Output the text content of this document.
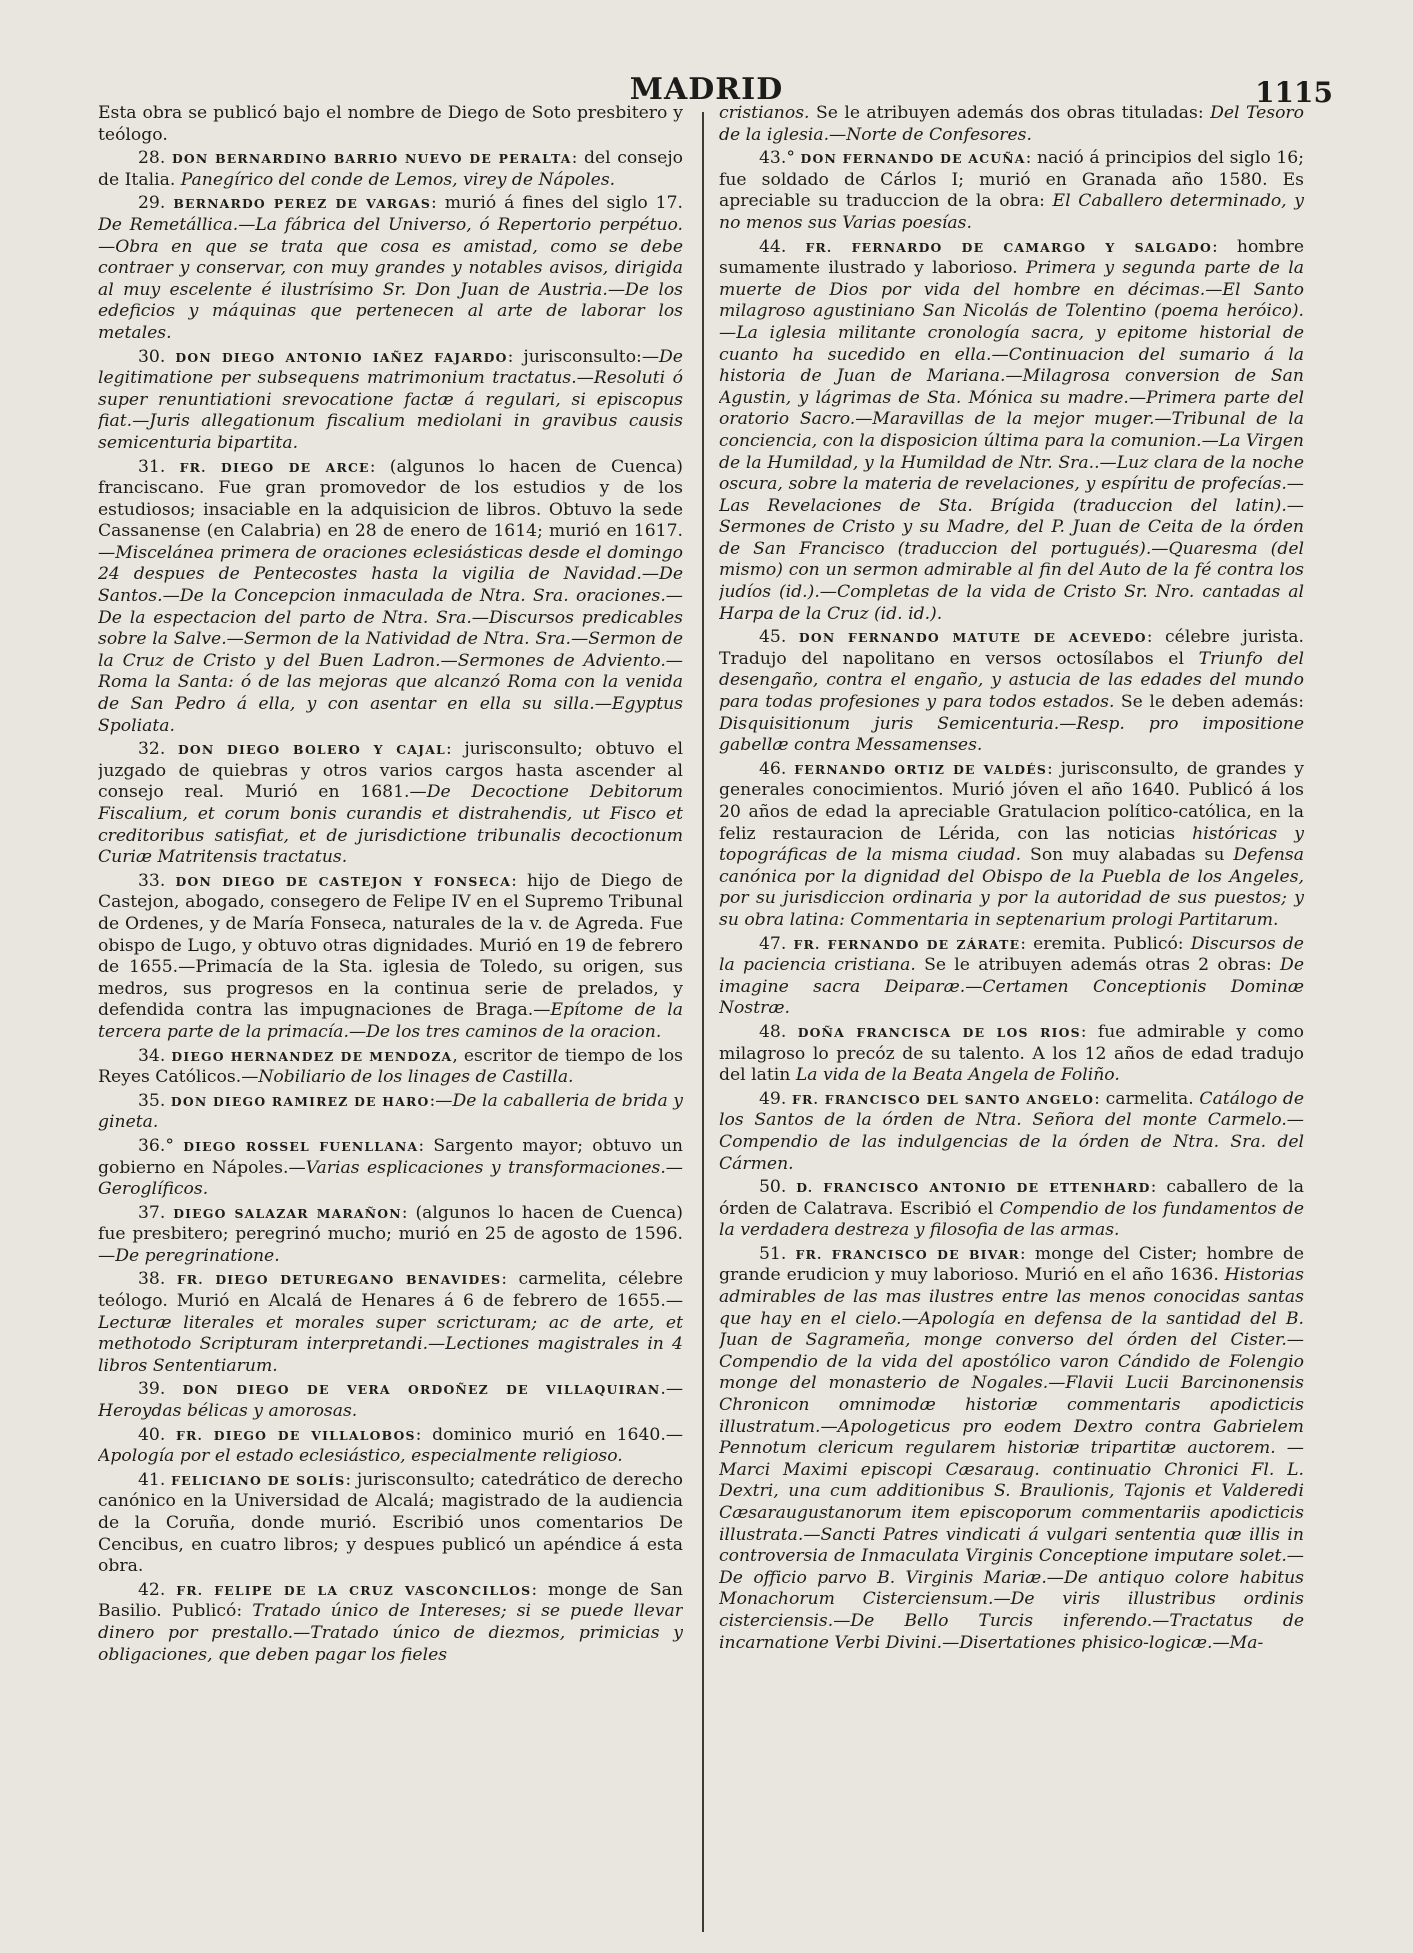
MADRID	1115

Esta obra se publicó bajo el nombre de Diego de Soto presbitero y teólogo.

28. DON BERNARDINO BARRIO NUEVO DE PERALTA: del consejo de Italia. Panegírico del conde de Lemos, virey de Nápoles.

29. BERNARDO PEREZ DE VARGAS: murió á fines del siglo 17. De Remetállica.—La fábrica del Universo, ó Repertorio perpétuo. —Obra en que se trata que cosa es amistad, como se debe contraer y conservar, con muy grandes y notables avisos, dirigida al muy escelente é ilustrísimo Sr. Don Juan de Austria.—De los edeficios y máquinas que pertenecen al arte de laborar los metales.

30. DON DIEGO ANTONIO IAÑEZ FAJARDO: jurisconsulto:—De legitimatione per subsequens matrimonium tractatus.—Resoluti ó super renuntiationi srevocatione factæ á regulari, si episcopus fiat.—Juris allegationum fiscalium mediolani in gravibus causis semicenturia bipartita.

31. FR. DIEGO DE ARCE: (algunos lo hacen de Cuenca) franciscano. Fue gran promovedor de los estudios y de los estudiosos; insaciable en la adquisicion de libros. Obtuvo la sede Cassanense (en Calabria) en 28 de enero de 1614; murió en 1617.—Miscelánea primera de oraciones eclesiásticas desde el domingo 24 despues de Pentecostes hasta la vigilia de Navidad.—De Santos.—De la Concepcion inmaculada de Ntra. Sra. oraciones.—De la espectacion del parto de Ntra. Sra.—Discursos predicables sobre la Salve.—Sermon de la Natividad de Ntra. Sra.—Sermon de la Cruz de Cristo y del Buen Ladron.—Sermones de Adviento.—Roma la Santa: ó de las mejoras que alcanzó Roma con la venida de San Pedro á ella, y con asentar en ella su silla.—Egyptus Spoliata.

32. DON DIEGO BOLERO Y CAJAL: jurisconsulto; obtuvo el juzgado de quiebras y otros varios cargos hasta ascender al consejo real. Murió en 1681.—De Decoctione Debitorum Fiscalium, et corum bonis curandis et distrahendis, ut Fisco et creditoribus satisfiat, et de jurisdictione tribunalis decoctionum Curiæ Matritensis tractatus.

33. DON DIEGO DE CASTEJON Y FONSECA: hijo de Diego de Castejon, abogado, consegero de Felipe IV en el Supremo Tribunal de Ordenes, y de María Fonseca, naturales de la v. de Agreda. Fue obispo de Lugo, y obtuvo otras dignidades. Murió en 19 de febrero de 1655.—Primacía de la Sta. iglesia de Toledo, su origen, sus medros, sus progresos en la continua serie de prelados, y defendida contra las impugnaciones de Braga.—Epítome de la tercera parte de la primacía.—De los tres caminos de la oracion.

34. DIEGO HERNANDEZ DE MENDOZA, escritor de tiempo de los Reyes Católicos.—Nobiliario de los linages de Castilla.

35. DON DIEGO RAMIREZ DE HARO:—De la caballeria de brida y gineta.

36.° DIEGO ROSSEL FUENLLANA: Sargento mayor; obtuvo un gobierno en Nápoles.—Varias esplicaciones y transformaciones.—Geroglíficos.

37. DIEGO SALAZAR MARAÑON: (algunos lo hacen de Cuenca) fue presbitero; peregrinó mucho; murió en 25 de agosto de 1596.—De peregrinatione.

38. FR. DIEGO DETUREGANO BENAVIDES: carmelita, célebre teólogo. Murió en Alcalá de Henares á 6 de febrero de 1655.—Lecturæ literales et morales super scricturam; ac de arte, et methotodo Scripturam interpretandi.—Lectiones magistrales in 4 libros Sententiarum.

39. DON DIEGO DE VERA ORDOÑEZ DE VILLAQUIRAN.—Heroydas bélicas y amorosas.

40. FR. DIEGO DE VILLALOBOS: dominico murió en 1640.—Apología por el estado eclesiástico, especialmente religioso.

41. FELICIANO DE SOLÍS: jurisconsulto; catedrático de derecho canónico en la Universidad de Alcalá; magistrado de la audiencia de la Coruña, donde murió. Escribió unos comentarios De Cencibus, en cuatro libros; y despues publicó un apéndice á esta obra.

42. FR. FELIPE DE LA CRUZ VASCONCILLOS: monge de San Basilio. Publicó: Tratado único de Intereses; si se puede llevar dinero por prestallo.—Tratado único de diezmos, primicias y obligaciones, que deben pagar los fieles

cristianos. Se le atribuyen además dos obras tituladas: Del Tesoro de la iglesia.—Norte de Confesores.

43.° DON FERNANDO DE ACUÑA: nació á principios del siglo 16; fue soldado de Cárlos I; murió en Granada año 1580. Es apreciable su traduccion de la obra: El Caballero determinado, y no menos sus Varias poesías.

44. FR. FERNARDO DE CAMARGO Y SALGADO: hombre sumamente ilustrado y laborioso. Primera y segunda parte de la muerte de Dios por vida del hombre en décimas.—El Santo milagroso agustiniano San Nicolás de Tolentino (poema heróico).—La iglesia militante cronología sacra, y epitome historial de cuanto ha sucedido en ella.—Continuacion del sumario á la historia de Juan de Mariana.—Milagrosa conversion de San Agustin, y lágrimas de Sta. Mónica su madre.—Primera parte del oratorio Sacro.—Maravillas de la mejor muger.—Tribunal de la conciencia, con la disposicion última para la comunion.—La Virgen de la Humildad, y la Humildad de Ntr. Sra..—Luz clara de la noche oscura, sobre la materia de revelaciones, y espíritu de profecías.—Las Revelaciones de Sta. Brígida (traduccion del latin).—Sermones de Cristo y su Madre, del P. Juan de Ceita de la órden de San Francisco (traduccion del portugués).—Quaresma (del mismo) con un sermon admirable al fin del Auto de la fé contra los judíos (id.).—Completas de la vida de Cristo Sr. Nro. cantadas al Harpa de la Cruz (id. id.).

45. DON FERNANDO MATUTE DE ACEVEDO: célebre jurista. Tradujo del napolitano en versos octosílabos el Triunfo del desengaño, contra el engaño, y astucia de las edades del mundo para todas profesiones y para todos estados. Se le deben además: Disquisitionum juris Semicenturia.—Resp. pro impositione gabellæ contra Messamenses.

46. FERNANDO ORTIZ DE VALDÉS: jurisconsulto, de grandes y generales conocimientos. Murió jóven el año 1640. Publicó á los 20 años de edad la apreciable Gratulacion político-católica, en la feliz restauracion de Lérida, con las noticias históricas y topográficas de la misma ciudad. Son muy alabadas su Defensa canónica por la dignidad del Obispo de la Puebla de los Angeles, por su jurisdiccion ordinaria y por la autoridad de sus puestos; y su obra latina: Commentaria in septenarium prologi Partitarum.

47. FR. FERNANDO DE ZÁRATE: eremita. Publicó: Discursos de la paciencia cristiana. Se le atribuyen además otras 2 obras: De imagine sacra Deiparæ.—Certamen Conceptionis Dominæ Nostræ.

48. DOÑA FRANCISCA DE LOS RIOS: fue admirable y como milagroso lo precóz de su talento. A los 12 años de edad tradujo del latin La vida de la Beata Angela de Foliño.

49. FR. FRANCISCO DEL SANTO ANGELO: carmelita. Catálogo de los Santos de la órden de Ntra. Señora del monte Carmelo.—Compendio de las indulgencias de la órden de Ntra. Sra. del Cármen.

50. D. FRANCISCO ANTONIO DE ETTENHARD: caballero de la órden de Calatrava. Escribió el Compendio de los fundamentos de la verdadera destreza y filosofia de las armas.

51. FR. FRANCISCO DE BIVAR: monge del Cister; hombre de grande erudicion y muy laborioso. Murió en el año 1636. Historias admirables de las mas ilustres entre las menos conocidas santas que hay en el cielo.—Apología en defensa de la santidad del B. Juan de Sagrameña, monge converso del órden del Cister.—Compendio de la vida del apostólico varon Cándido de Folengio monge del monasterio de Nogales.—Flavii Lucii Barcinonensis Chronicon omnimodæ historiæ commentaris apodicticis illustratum.—Apologeticus pro eodem Dextro contra Gabrielem Pennotum clericum regularem historiæ tripartitæ auctorem. — Marci Maximi episcopi Cæsaraug. continuatio Chronici Fl. L. Dextri, una cum additionibus S. Braulionis, Tajonis et Valderedi Cæsaraugustanorum item episcoporum commentariis apodicticis illustrata.—Sancti Patres vindicati á vulgari sententia quæ illis in controversia de Inmaculata Virginis Conceptione imputare solet.—De officio parvo B. Virginis Mariæ.—De antiquo colore habitus Monachorum Cisterciensum.—De viris illustribus ordinis cisterciensis.—De Bello Turcis inferendo.—Tractatus de incarnatione Verbi Divini.—Disertationes phisico-logicæ.—Ma-
